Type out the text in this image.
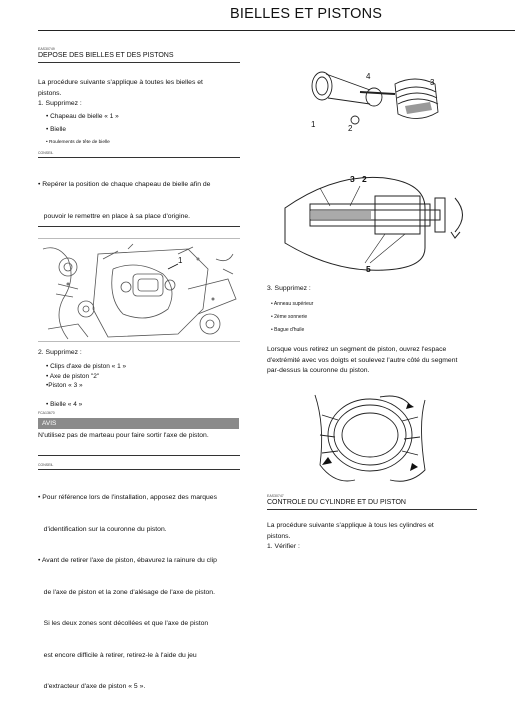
BIELLES ET PISTONS
EAS30749
DEPOSE DES BIELLES ET DES PISTONS
La procédure suivante s'applique à toutes les bielles et
pistons.
1. Supprimez :
• Chapeau de bielle « 1 »
• Bielle
• Roulements de tête de bielle
CONSEIL

• Repérer la position de chaque chapeau de bielle afin de

pouvoir le remettre en place à sa place d'origine.

1
2. Supprimez :
• Clips d'axe de piston « 1 »
• Axe de piston "2"
•Piston « 3 »
• Bielle « 4 »
FCA13670
AVIS
N'utilisez pas de marteau pour faire sortir l'axe de piston.
CONSEIL

• Pour référence lors de l'installation, apposez des marques

d'identification sur la couronne du piston.

• Avant de retirer l'axe de piston, ébavurez la rainure du clip

de l'axe de piston et la zone d'alésage de l'axe de piston.

Si les deux zones sont décollées et que l'axe de piston

est encore difficile à retirer, retirez-le à l'aide du jeu

d'extracteur d'axe de piston « 5 ».

4
3
1	2
3 2
5
3. Supprimez :
• Anneau supérieur
• 2ème sonnerie
• Bague d'huile
Lorsque vous retirez un segment de piston, ouvrez l'espace
d'extrémité avec vos doigts et soulevez l'autre côté du segment
par-dessus la couronne du piston.
EAS30747
CONTROLE DU CYLINDRE ET DU PISTON
La procédure suivante s'applique à tous les cylindres et
pistons.
1. Vérifier :
